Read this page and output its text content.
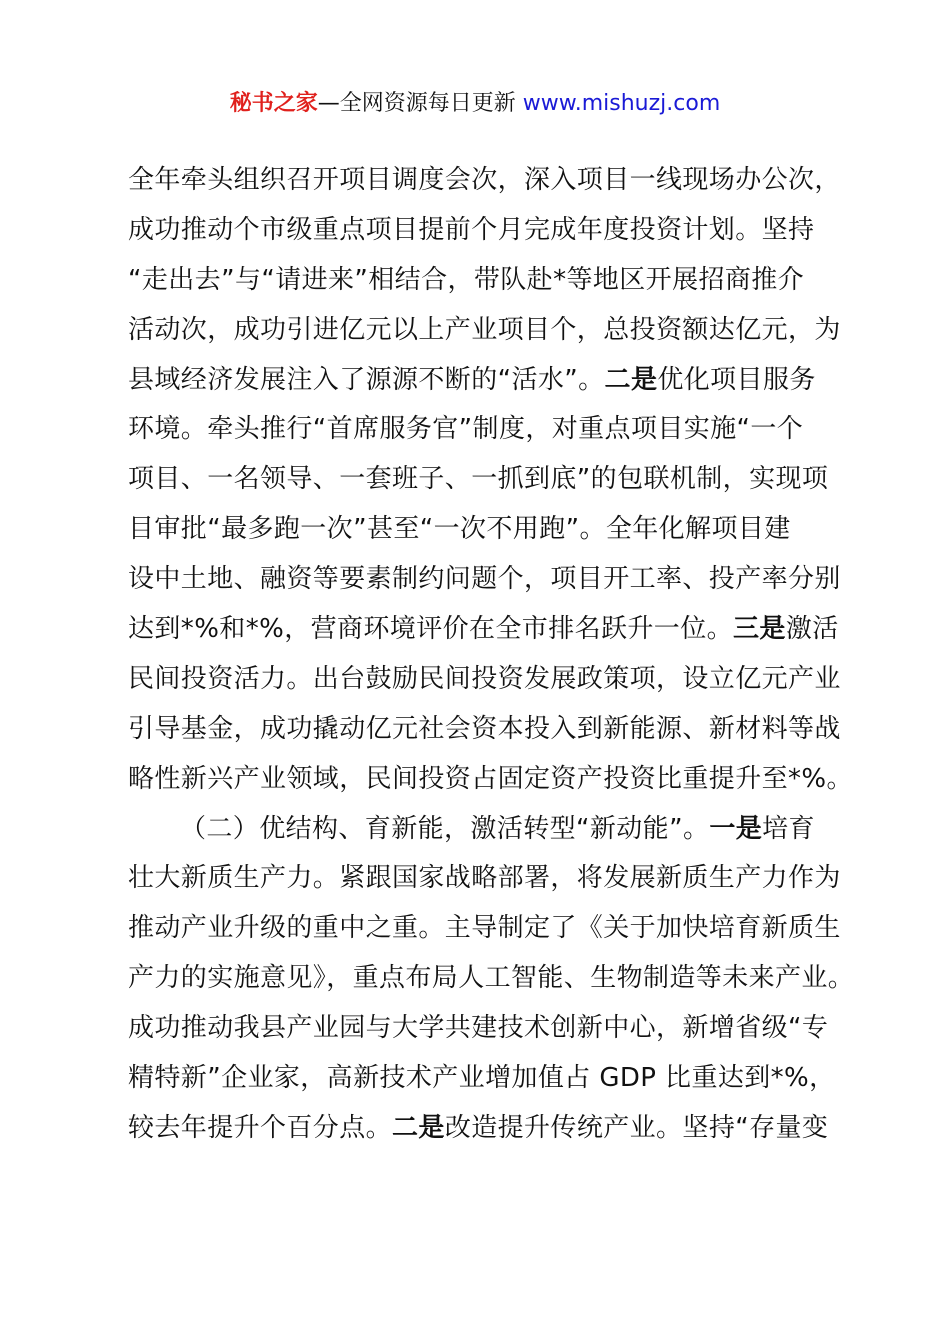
秘书之家—全网资源每日更新 www.mishuzj.com
全年牵头组织召开项目调度会次，深入项目一线现场办公次，
成功推动个市级重点项目提前个月完成年度投资计划。坚持
“走出去”与“请进来”相结合，带队赴*等地区开展招商推介
活动次，成功引进亿元以上产业项目个，总投资额达亿元，为
县域经济发展注入了源源不断的“活水”。二是优化项目服务
环境。牵头推行“首席服务官”制度，对重点项目实施“一个
项目、一名领导、一套班子、一抓到底”的包联机制，实现项
目审批“最多跑一次”甚至“一次不用跑”。全年化解项目建
设中土地、融资等要素制约问题个，项目开工率、投产率分别
达到*%和*%，营商环境评价在全市排名跃升一位。三是激活
民间投资活力。出台鼓励民间投资发展政策项，设立亿元产业
引导基金，成功撬动亿元社会资本投入到新能源、新材料等战
略性新兴产业领域，民间投资占固定资产投资比重提升至*%。
（二）优结构、育新能，激活转型“新动能”。一是培育
壮大新质生产力。紧跟国家战略部署，将发展新质生产力作为
推动产业升级的重中之重。主导制定了《关于加快培育新质生
产力的实施意见》，重点布局人工智能、生物制造等未来产业。
成功推动我县产业园与大学共建技术创新中心，新增省级“专
精特新”企业家，高新技术产业增加值占 GDP 比重达到*%，
较去年提升个百分点。二是改造提升传统产业。坚持“存量变
